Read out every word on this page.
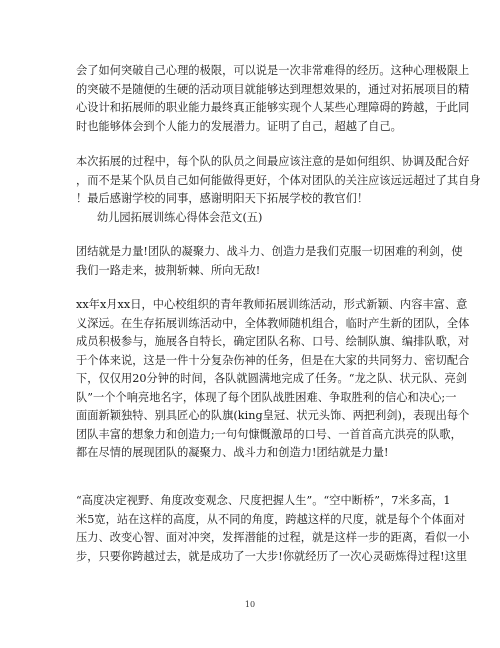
会了如何突破自己心理的极限，可以说是一次非常难得的经历。这种心理极限上
的突破不是随便的生硬的活动项目就能够达到理想效果的，通过对拓展项目的精
心设计和拓展师的职业能力最终真正能够实现个人某些心理障碍的跨越，于此同
时也能够体会到个人能力的发展潜力。证明了自己，超越了自己。
本次拓展的过程中，每个队的队员之间最应该注意的是如何组织、协调及配合好
，而不是某个队员自己如何能做得更好，个体对团队的关注应该远远超过了其自身
！最后感谢学校的同事，感谢明阳天下拓展学校的教官们！
幼儿园拓展训练心得体会范文(五)
团结就是力量!团队的凝聚力、战斗力、创造力是我们克服一切困难的利剑，使
我们一路走来，披荆斩棘、所向无敌!
xx年x月xx日，中心校组织的青年教师拓展训练活动，形式新颖、内容丰富、意
义深远。在生存拓展训练活动中，全体教师随机组合，临时产生新的团队，全体
成员积极参与，施展各自特长，确定团队名称、口号、绘制队旗、编排队歌，对
于个体来说，这是一件十分复杂伤神的任务，但是在大家的共同努力、密切配合
下，仅仅用20分钟的时间，各队就圆满地完成了任务。“龙之队、状元队、亮剑
队”一个个响亮地名字，体现了每个团队战胜困难、争取胜利的信心和决心;一
面面新颖独特、别具匠心的队旗(king皇冠、状元头饰、两把利剑)，表现出每个
团队丰富的想象力和创造力;一句句慷慨激昂的口号、一首首高亢洪亮的队歌，
都在尽情的展现团队的凝聚力、战斗力和创造力!团结就是力量!
“高度决定视野、角度改变观念、尺度把握人生”。“空中断桥”，7米多高，1
米5宽，站在这样的高度，从不同的角度，跨越这样的尺度，就是每个个体面对
压力、改变心智、面对冲突，发挥潜能的过程，就是这样一步的距离，看似一小
步，只要你跨越过去，就是成功了一大步!你就经历了一次心灵砺炼得过程!这里
10
